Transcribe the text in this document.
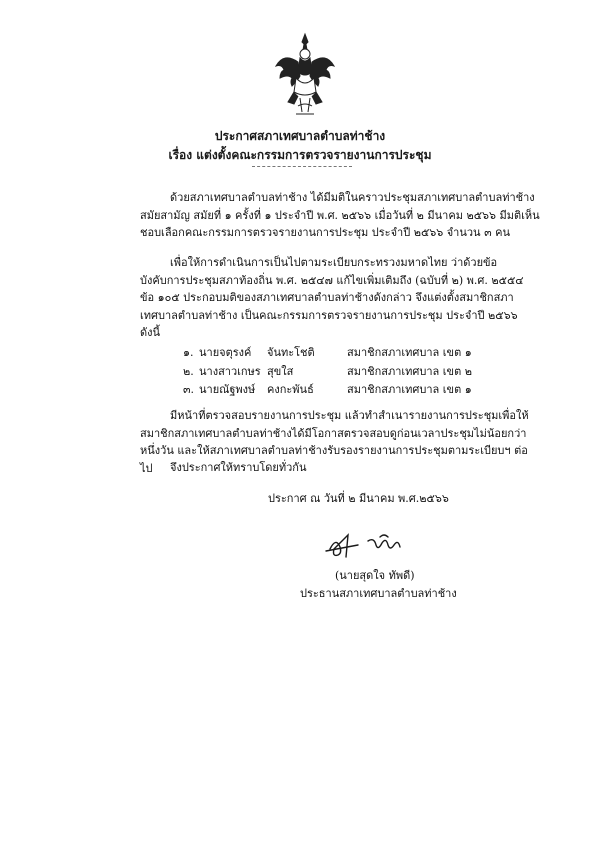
ประกาศสภาเทศบาลตำบลท่าช้าง
เรื่อง แต่งตั้งคณะกรรมการตรวจรายงานการประชุม

ด้วยสภาเทศบาลตำบลท่าช้าง ได้มีมติในคราวประชุมสภาเทศบาลตำบลท่าช้าง สมัยสามัญ สมัยที่ ๑ ครั้งที่ ๑ ประจำปี พ.ศ. ๒๕๖๖ เมื่อวันที่ ๒ มีนาคม ๒๕๖๖ มีมติเห็นชอบเลือกคณะกรรมการตรวจรายงานการประชุม ประจำปี ๒๕๖๖ จำนวน ๓ คน

เพื่อให้การดำเนินการเป็นไปตามระเบียบกระทรวงมหาดไทย ว่าด้วยข้อบังคับการประชุมสภาท้องถิ่น พ.ศ. ๒๕๔๗ แก้ไขเพิ่มเติมถึง (ฉบับที่ ๒) พ.ศ. ๒๕๕๔ ข้อ ๑๐๕ ประกอบมติของสภาเทศบาลตำบลท่าช้างดังกล่าว จึงแต่งตั้งสมาชิกสภาเทศบาลตำบลท่าช้าง เป็นคณะกรรมการตรวจรายงานการประชุม ประจำปี ๒๕๖๖ ดังนี้

๑. นายจตุรงค์	จันทะโชติ	สมาชิกสภาเทศบาล เขต ๑
๒. นางสาวเกษร สุขใส	สมาชิกสภาเทศบาล เขต ๒
๓. นายณัฐพงษ์	คงกะพันธ์	สมาชิกสภาเทศบาล เขต ๑

มีหน้าที่ตรวจสอบรายงานการประชุม แล้วทำสำเนารายงานการประชุมเพื่อให้สมาชิกสภาเทศบาลตำบลท่าช้างได้มีโอกาสตรวจสอบดูก่อนเวลาประชุมไม่น้อยกว่าหนึ่งวัน และให้สภาเทศบาลตำบลท่าช้างรับรองรายงานการประชุมตามระเบียบฯ ต่อไป	จึงประกาศให้ทราบโดยทั่วกัน

ประกาศ ณ วันที่ ๒ มีนาคม พ.ศ.๒๕๖๖
(นายสุดใจ ทัพดี)
ประธานสภาเทศบาลตำบลท่าช้าง
